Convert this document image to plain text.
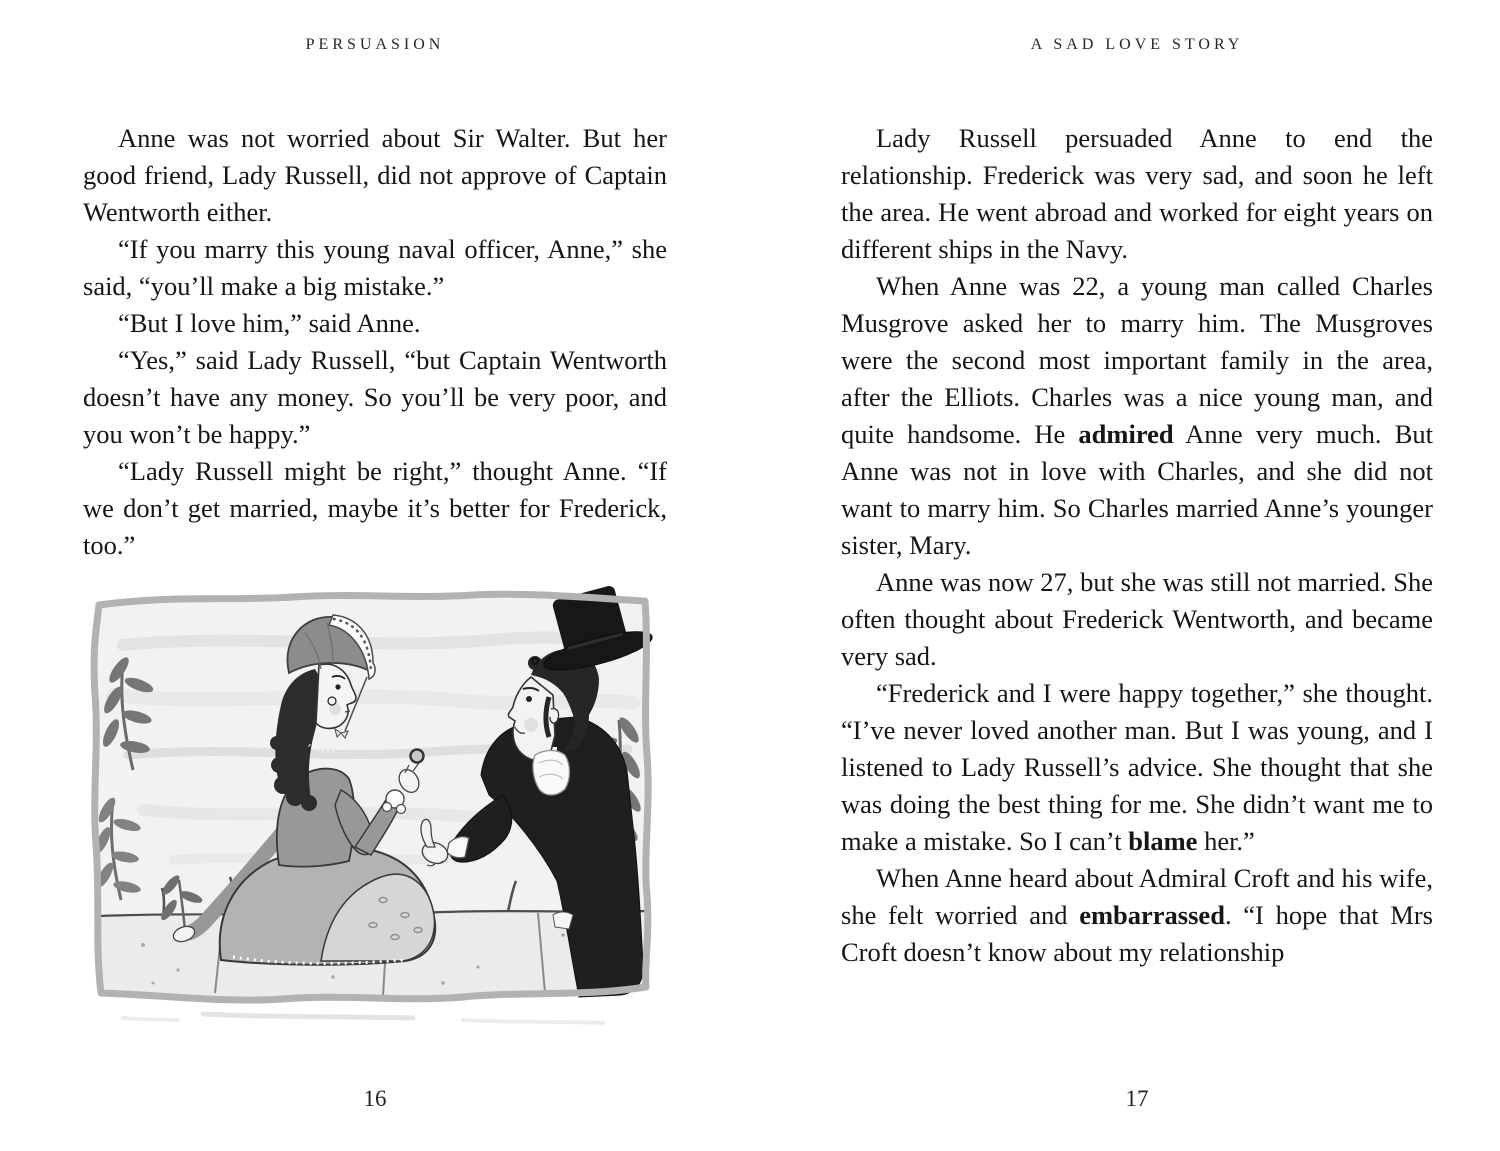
PERSUASION

Anne was not worried about Sir Walter. But her good friend, Lady Russell, did not approve of Captain Wentworth either.

“If you marry this young naval officer, Anne,” she said, “you’ll make a big mistake.”

“But I love him,” said Anne.

“Yes,” said Lady Russell, “but Captain Wentworth doesn’t have any money. So you’ll be very poor, and you won’t be happy.”

“Lady Russell might be right,” thought Anne. “If we don’t get married, maybe it’s better for Frederick, too.”

16
A SAD LOVE STORY

Lady Russell persuaded Anne to end the relationship. Frederick was very sad, and soon he left the area. He went abroad and worked for eight years on different ships in the Navy.

When Anne was 22, a young man called Charles Musgrove asked her to marry him. The Musgroves were the second most important family in the area, after the Elliots. Charles was a nice young man, and quite handsome. He admired Anne very much. But Anne was not in love with Charles, and she did not want to marry him. So Charles married Anne’s younger sister, Mary.

Anne was now 27, but she was still not married. She often thought about Frederick Wentworth, and became very sad.

“Frederick and I were happy together,” she thought. “I’ve never loved another man. But I was young, and I listened to Lady Russell’s advice. She thought that she was doing the best thing for me. She didn’t want me to make a mistake. So I can’t blame her.”

When Anne heard about Admiral Croft and his wife, she felt worried and embarrassed. “I hope that Mrs Croft doesn’t know about my relationship

17
